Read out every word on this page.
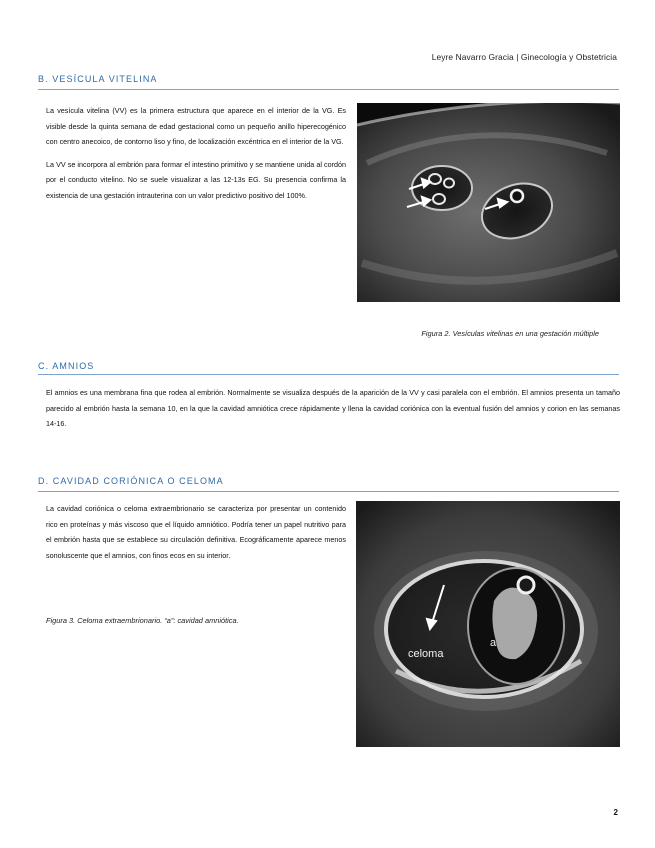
Leyre Navarro Gracia | Ginecología y Obstetricia
B. VESÍCULA VITELINA

La vesícula vitelina (VV) es la primera estructura que aparece en el interior de la VG. Es visible desde la quinta semana de edad gestacional como un pequeño anillo hiperecogénico con centro anecoico, de contorno liso y fino, de localización excéntrica en el interior de la VG.

La VV se incorpora al embrión para formar el intestino primitivo y se mantiene unida al cordón por el conducto vitelino. No se suele visualizar a las 12-13s EG. Su presencia confirma la existencia de una gestación intrauterina con un valor predictivo positivo del 100%.

Figura 2. Vesículas vitelinas en una gestación múltiple
C. AMNIOS

El amnios es una membrana fina que rodea al embrión. Normalmente se visualiza después de la aparición de la VV y casi paralela con el embrión. El amnios presenta un tamaño parecido al embrión hasta la semana 10, en la que la cavidad amniótica crece rápidamente y llena la cavidad coriónica con la eventual fusión del amnios y corion en las semanas 14-16.

D. CAVIDAD CORIÓNICA O CELOMA

La cavidad coriónica o celoma extraembrionario se caracteriza por presentar un contenido rico en proteínas y más viscoso que el líquido amniótico. Podría tener un papel nutritivo para el embrión hasta que se establece su circulación definitiva. Ecográficamente aparece menos sonoluscente que el amnios, con finos ecos en su interior.

Figura 3. Celoma extraembrionario. “a”: cavidad amniótica.
celoma
a
2
